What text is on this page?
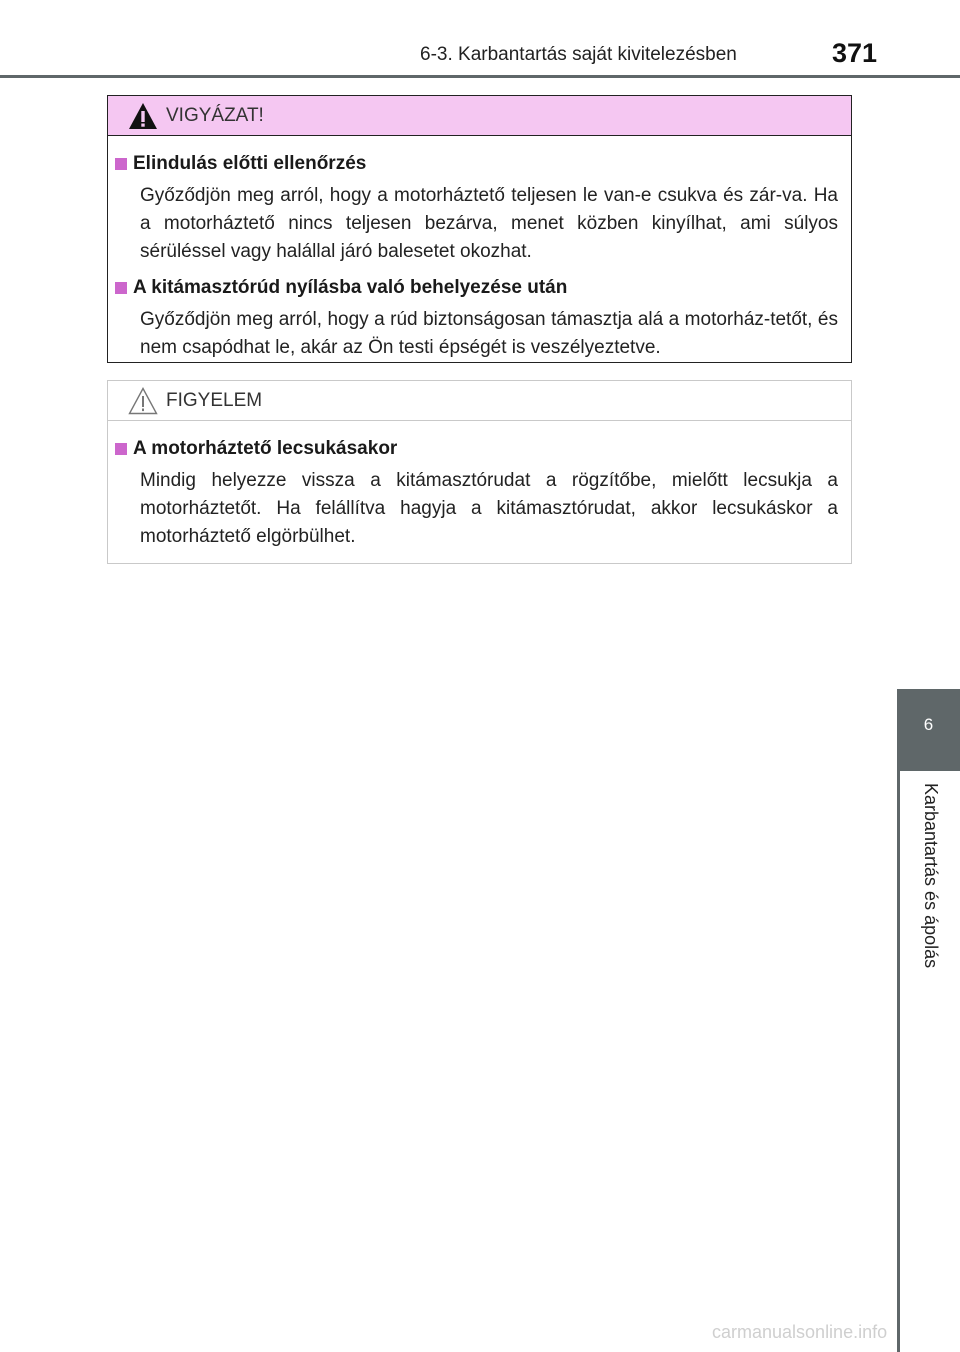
6-3. Karbantartás saját kivitelezésben	371
VIGYÁZAT!
Elindulás előtti ellenőrzés
Győződjön meg arról, hogy a motorháztető teljesen le van-e csukva és zár-va. Ha a motorháztető nincs teljesen bezárva, menet közben kinyílhat, ami súlyos sérüléssel vagy halállal járó balesetet okozhat.
A kitámasztórúd nyílásba való behelyezése után
Győződjön meg arról, hogy a rúd biztonságosan támasztja alá a motorház-tetőt, és nem csapódhat le, akár az Ön testi épségét is veszélyeztetve.
FIGYELEM
A motorháztető lecsukásakor
Mindig helyezze vissza a kitámasztórudat a rögzítőbe, mielőtt lecsukja a motorháztetőt. Ha felállítva hagyja a kitámasztórudat, akkor lecsukáskor a motorháztető elgörbülhet.
6
Karbantartás és ápolás
carmanualsonline.info
